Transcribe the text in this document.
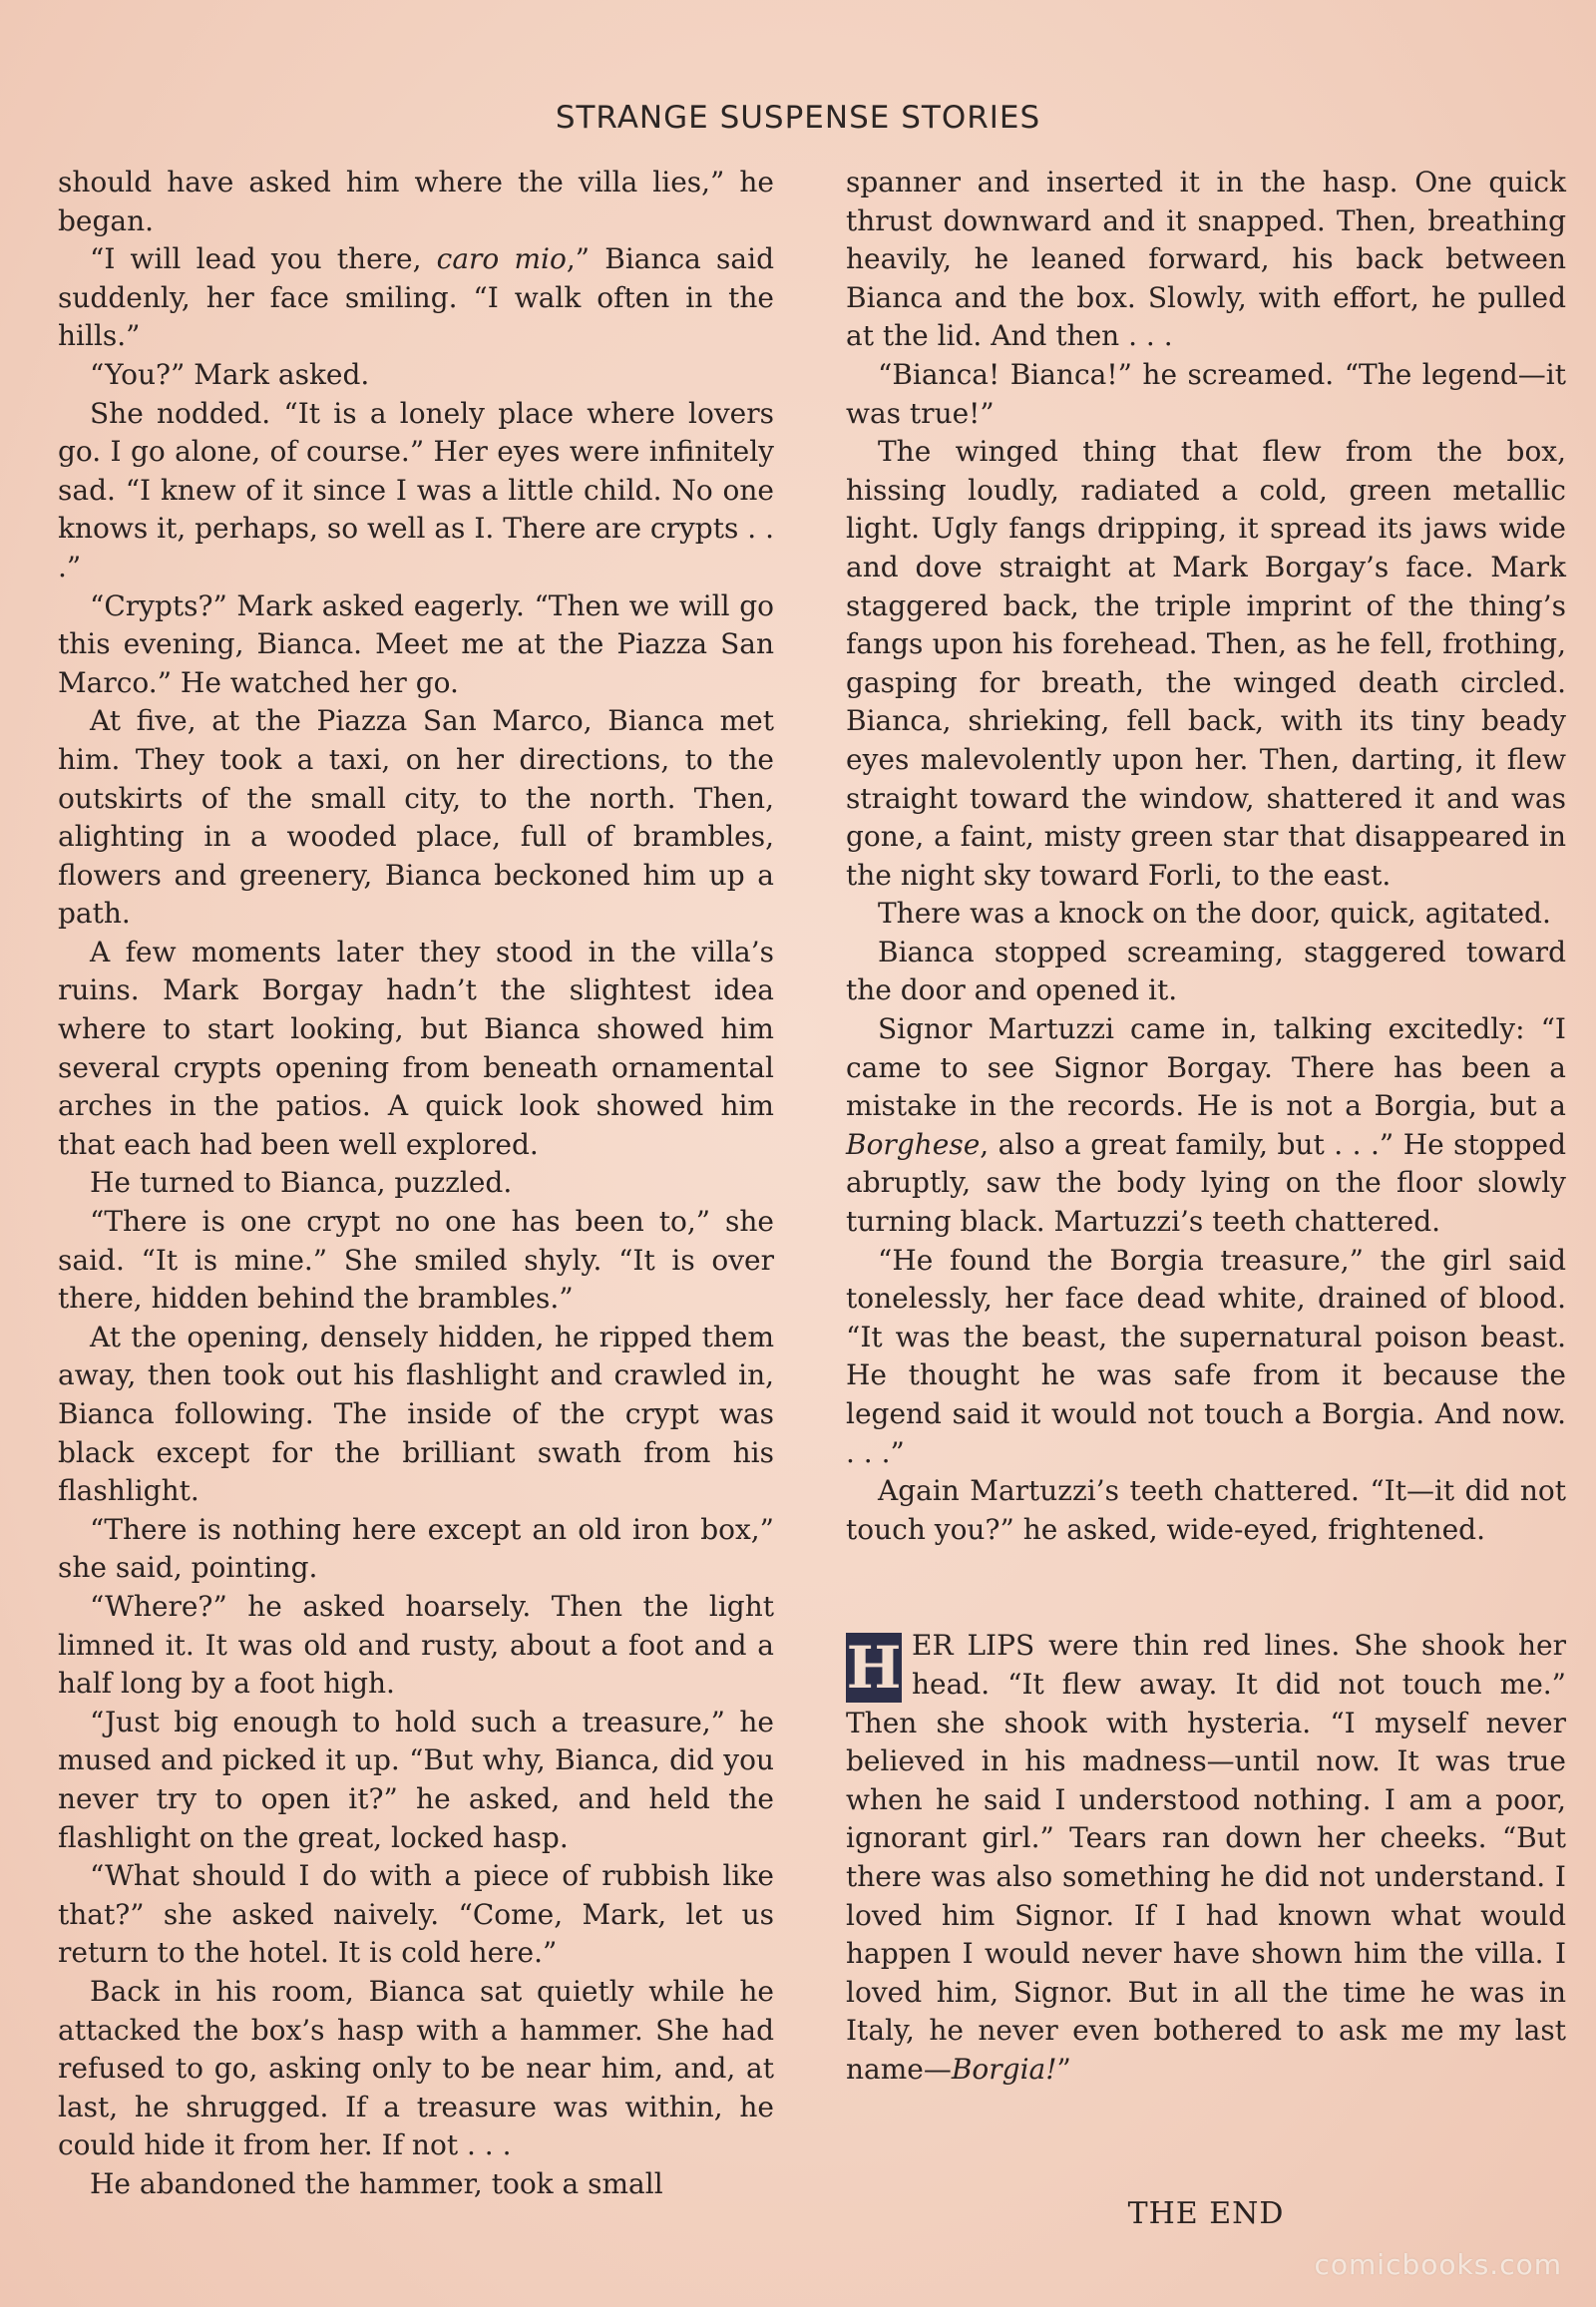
STRANGE SUSPENSE STORIES

should have asked him where the villa lies,” he began.

“I will lead you there, caro mio,” Bianca said suddenly, her face smiling. “I walk often in the hills.”

“You?” Mark asked.

She nodded. “It is a lonely place where lovers go. I go alone, of course.” Her eyes were infinitely sad. “I knew of it since I was a little child. No one knows it, perhaps, so well as I. There are crypts . . .”

“Crypts?” Mark asked eagerly. “Then we will go this evening, Bianca. Meet me at the Piazza San Marco.” He watched her go.

At five, at the Piazza San Marco, Bianca met him. They took a taxi, on her directions, to the outskirts of the small city, to the north. Then, alighting in a wooded place, full of brambles, flowers and greenery, Bianca beckoned him up a path.

A few moments later they stood in the villa’s ruins. Mark Borgay hadn’t the slightest idea where to start looking, but Bianca showed him several crypts opening from beneath ornamental arches in the patios. A quick look showed him that each had been well explored.

He turned to Bianca, puzzled.

“There is one crypt no one has been to,” she said. “It is mine.” She smiled shyly. “It is over there, hidden behind the brambles.”

At the opening, densely hidden, he ripped them away, then took out his flashlight and crawled in, Bianca following. The inside of the crypt was black except for the brilliant swath from his flashlight.

“There is nothing here except an old iron box,” she said, pointing.

“Where?” he asked hoarsely. Then the light limned it. It was old and rusty, about a foot and a half long by a foot high.

“Just big enough to hold such a treasure,” he mused and picked it up. “But why, Bianca, did you never try to open it?” he asked, and held the flashlight on the great, locked hasp.

“What should I do with a piece of rubbish like that?” she asked naively. “Come, Mark, let us return to the hotel. It is cold here.”

Back in his room, Bianca sat quietly while he attacked the box’s hasp with a hammer. She had refused to go, asking only to be near him, and, at last, he shrugged. If a treasure was within, he could hide it from her. If not . . .

He abandoned the hammer, took a small

spanner and inserted it in the hasp. One quick thrust downward and it snapped. Then, breathing heavily, he leaned forward, his back between Bianca and the box. Slowly, with effort, he pulled at the lid. And then . . .

“Bianca! Bianca!” he screamed. “The legend—it was true!”

The winged thing that flew from the box, hissing loudly, radiated a cold, green metallic light. Ugly fangs dripping, it spread its jaws wide and dove straight at Mark Borgay’s face. Mark staggered back, the triple imprint of the thing’s fangs upon his forehead. Then, as he fell, frothing, gasping for breath, the winged death circled. Bianca, shrieking, fell back, with its tiny beady eyes malevolently upon her. Then, darting, it flew straight toward the window, shattered it and was gone, a faint, misty green star that disappeared in the night sky toward Forli, to the east.

There was a knock on the door, quick, agitated.

Bianca stopped screaming, staggered toward the door and opened it.

Signor Martuzzi came in, talking excitedly: “I came to see Signor Borgay. There has been a mistake in the records. He is not a Borgia, but a Borghese, also a great family, but . . .” He stopped abruptly, saw the body lying on the floor slowly turning black. Martuzzi’s teeth chattered.

“He found the Borgia treasure,” the girl said tonelessly, her face dead white, drained of blood. “It was the beast, the supernatural poison beast. He thought he was safe from it because the legend said it would not touch a Borgia. And now. . . .”

Again Martuzzi’s teeth chattered. “It—it did not touch you?” he asked, wide-eyed, frightened.

H ER LIPS were thin red lines. She shook her head. “It flew away. It did not touch me.” Then she shook with hysteria. “I myself never believed in his madness—until now. It was true when he said I understood nothing. I am a poor, ignorant girl.” Tears ran down her cheeks. “But there was also something he did not understand. I loved him Signor. If I had known what would happen I would never have shown him the villa. I loved him, Signor. But in all the time he was in Italy, he never even bothered to ask me my last name—Borgia!”

THE END
comicbooks.com
